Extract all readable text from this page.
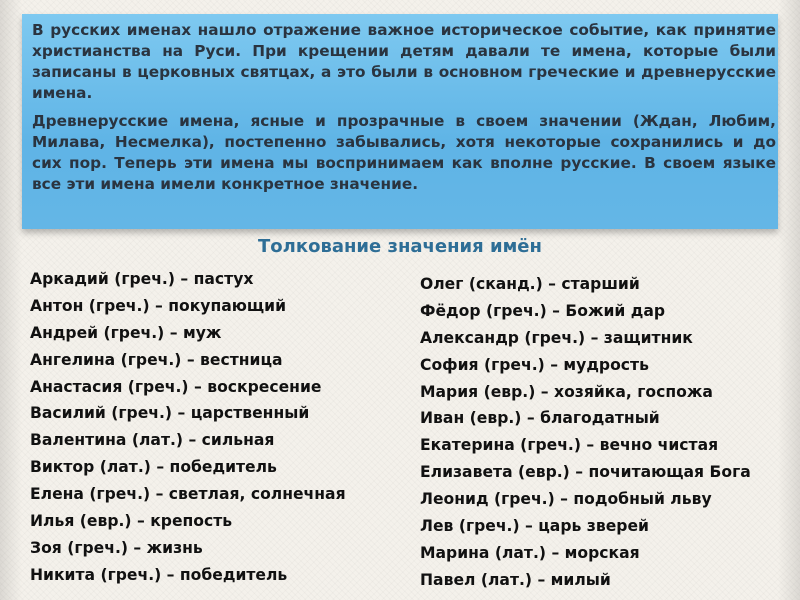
В русских именах нашло отражение важное историческое событие, как принятие христианства на Руси. При крещении детям давали те имена, которые были записаны в церковных святцах, а это были в основном греческие и древнерусские имена.

Древнерусские имена, ясные и прозрачные в своем значении (Ждан, Любим, Милава, Несмелка), постепенно забывались, хотя некоторые сохранились и до сих пор. Теперь эти имена мы воспринимаем как вполне русские. В своем языке все эти имена имели конкретное значение.

Толкование значения имён
Аркадий (греч.) – пастух
Антон (греч.) – покупающий
Андрей (греч.) – муж
Ангелина (греч.) – вестница
Анастасия (греч.) – воскресение
Василий (греч.) – царственный
Валентина (лат.) – сильная
Виктор (лат.) – победитель
Елена (греч.) – светлая, солнечная
Илья (евр.) – крепость
Зоя (греч.) – жизнь
Никита (греч.) – победитель
Олег (сканд.) – старший
Фёдор (греч.) – Божий дар
Александр (греч.) – защитник
София (греч.) – мудрость
Мария (евр.) – хозяйка, госпожа
Иван (евр.) – благодатный
Екатерина (греч.) – вечно чистая
Елизавета (евр.) – почитающая Бога
Леонид (греч.) – подобный льву
Лев (греч.) – царь зверей
Марина (лат.) – морская
Павел (лат.) – милый
